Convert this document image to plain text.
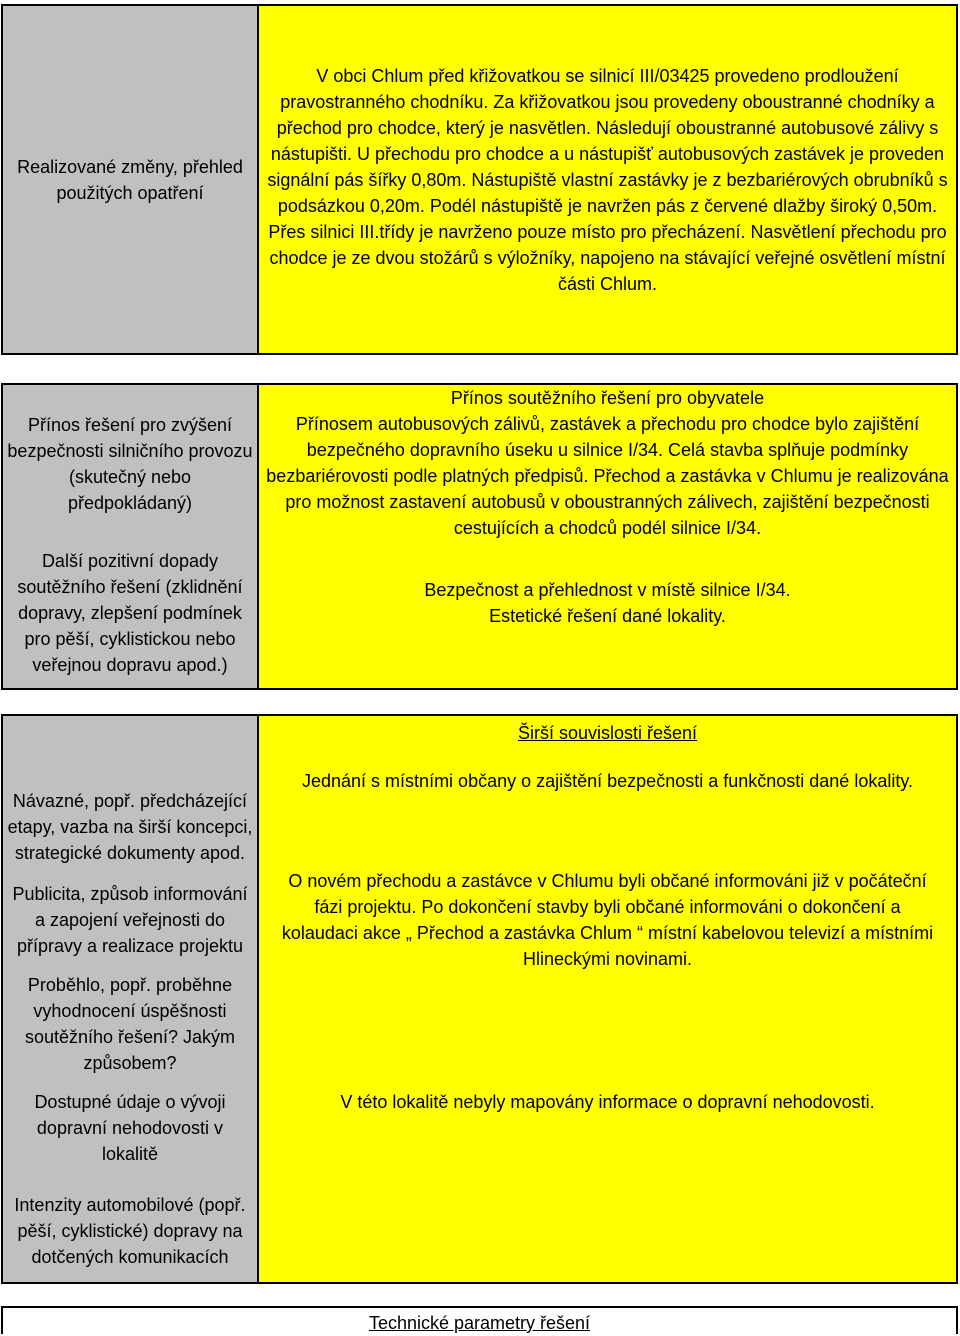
Realizované změny, přehled použitých opatření
V obci Chlum před křižovatkou se silnicí III/03425 provedeno prodloužení pravostranného chodníku. Za křižovatkou jsou provedeny oboustranné chodníky a přechod pro chodce, který je nasvětlen. Následují oboustranné autobusové zálivy s nástupišti. U přechodu pro chodce a u nástupišť autobusových zastávek je proveden signální pás šířky 0,80m. Nástupiště vlastní zastávky je z bezbariérových obrubníků s podsázkou 0,20m. Podél nástupiště je navržen pás z červené dlažby široký 0,50m. Přes silnici III.třídy je navrženo pouze místo pro přecházení. Nasvětlení přechodu pro chodce je ze dvou stožárů s výložníky, napojeno na stávající veřejné osvětlení místní části Chlum.
Přínos řešení pro zvýšení bezpečnosti silničního provozu (skutečný nebo předpokládaný)
Další pozitivní dopady soutěžního řešení (zklidnění dopravy, zlepšení podmínek pro pěší, cyklistickou nebo veřejnou dopravu apod.)
Přínos soutěžního řešení pro obyvatele
Přínosem autobusových zálivů, zastávek a přechodu pro chodce bylo zajištění bezpečného dopravního úseku u silnice I/34. Celá stavba splňuje podmínky bezbariérovosti podle platných předpisů. Přechod a zastávka v Chlumu je realizována pro možnost zastavení autobusů v oboustranných zálivech, zajištění bezpečnosti cestujících a chodců podél silnice I/34.
Bezpečnost a přehlednost v místě silnice I/34. Estetické řešení dané lokality.
Návazné, popř. předcházející etapy, vazba na širší koncepci, strategické dokumenty apod.
Publicita, způsob informování a zapojení veřejnosti do přípravy a realizace projektu
Proběhlo, popř. proběhne vyhodnocení úspěšnosti soutěžního řešení? Jakým způsobem?
Dostupné údaje o vývoji dopravní nehodovosti v lokalitě
Intenzity automobilové (popř. pěší, cyklistické) dopravy na dotčených komunikacích
Širší souvislosti řešení
Jednání s místními občany o zajištění bezpečnosti a funkčnosti dané lokality.
O novém přechodu a zastávce v Chlumu byli občané informováni již v počáteční fázi projektu. Po dokončení stavby byli občané informováni o dokončení a kolaudaci akce „ Přechod a zastávka Chlum “ místní kabelovou televizí a místními Hlineckými novinami.
V této lokalitě nebyly mapovány informace o dopravní nehodovosti.
Technické parametry řešení
